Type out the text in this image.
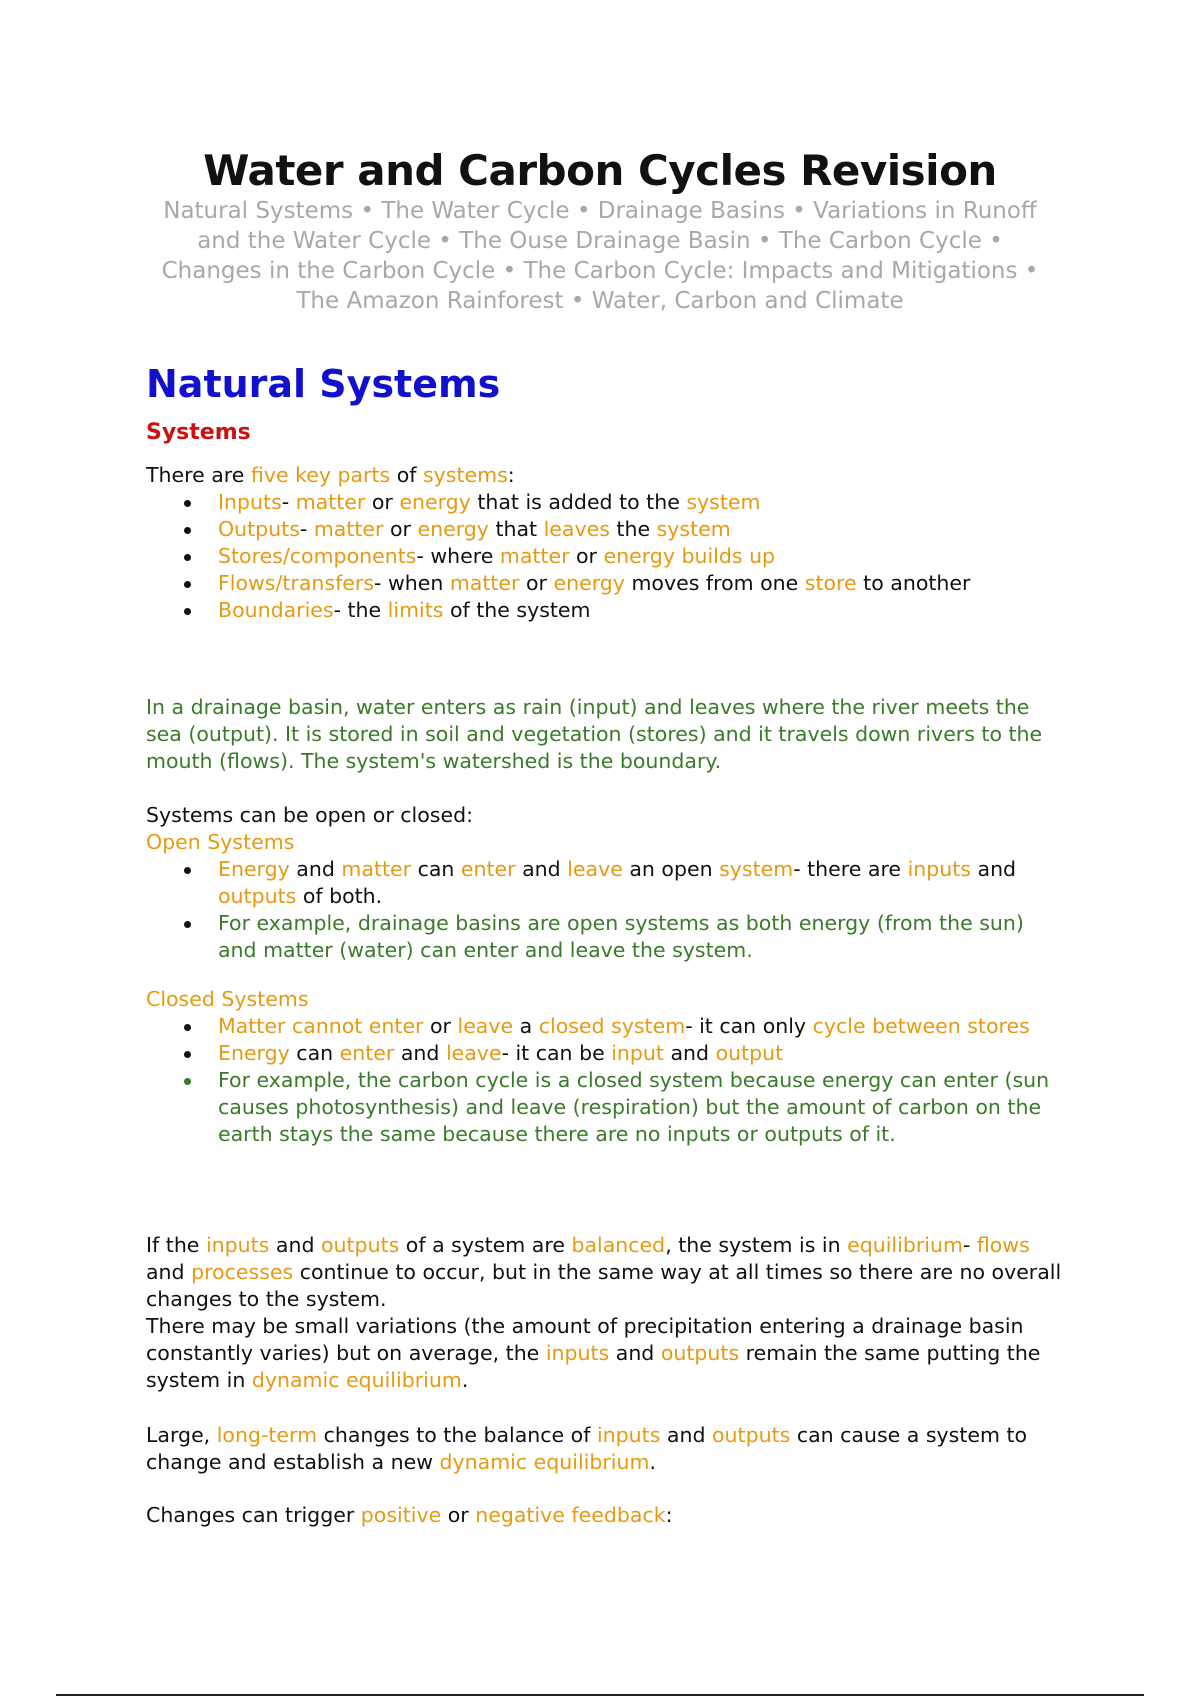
Water and Carbon Cycles Revision
Natural Systems • The Water Cycle • Drainage Basins • Variations in Runoff and the Water Cycle • The Ouse Drainage Basin • The Carbon Cycle • Changes in the Carbon Cycle • The Carbon Cycle: Impacts and Mitigations • The Amazon Rainforest • Water, Carbon and Climate
Natural Systems
Systems

There are five key parts of systems:

Inputs- matter or energy that is added to the system
Outputs- matter or energy that leaves the system
Stores/components- where matter or energy builds up
Flows/transfers- when matter or energy moves from one store to another
Boundaries- the limits of the system
In a drainage basin, water enters as rain (input) and leaves where the river meets the sea (output). It is stored in soil and vegetation (stores) and it travels down rivers to the mouth (flows). The system's watershed is the boundary.

Systems can be open or closed:

Open Systems

Energy and matter can enter and leave an open system- there are inputs and outputs of both.
For example, drainage basins are open systems as both energy (from the sun) and matter (water) can enter and leave the system.

Closed Systems

Matter cannot enter or leave a closed system- it can only cycle between stores
Energy can enter and leave- it can be input and output
For example, the carbon cycle is a closed system because energy can enter (sun causes photosynthesis) and leave (respiration) but the amount of carbon on the earth stays the same because there are no inputs or outputs of it.

If the inputs and outputs of a system are balanced, the system is in equilibrium- flows and processes continue to occur, but in the same way at all times so there are no overall changes to the system.

There may be small variations (the amount of precipitation entering a drainage basin constantly varies) but on average, the inputs and outputs remain the same putting the system in dynamic equilibrium.

Large, long-term changes to the balance of inputs and outputs can cause a system to change and establish a new dynamic equilibrium.
Changes can trigger positive or negative feedback:
